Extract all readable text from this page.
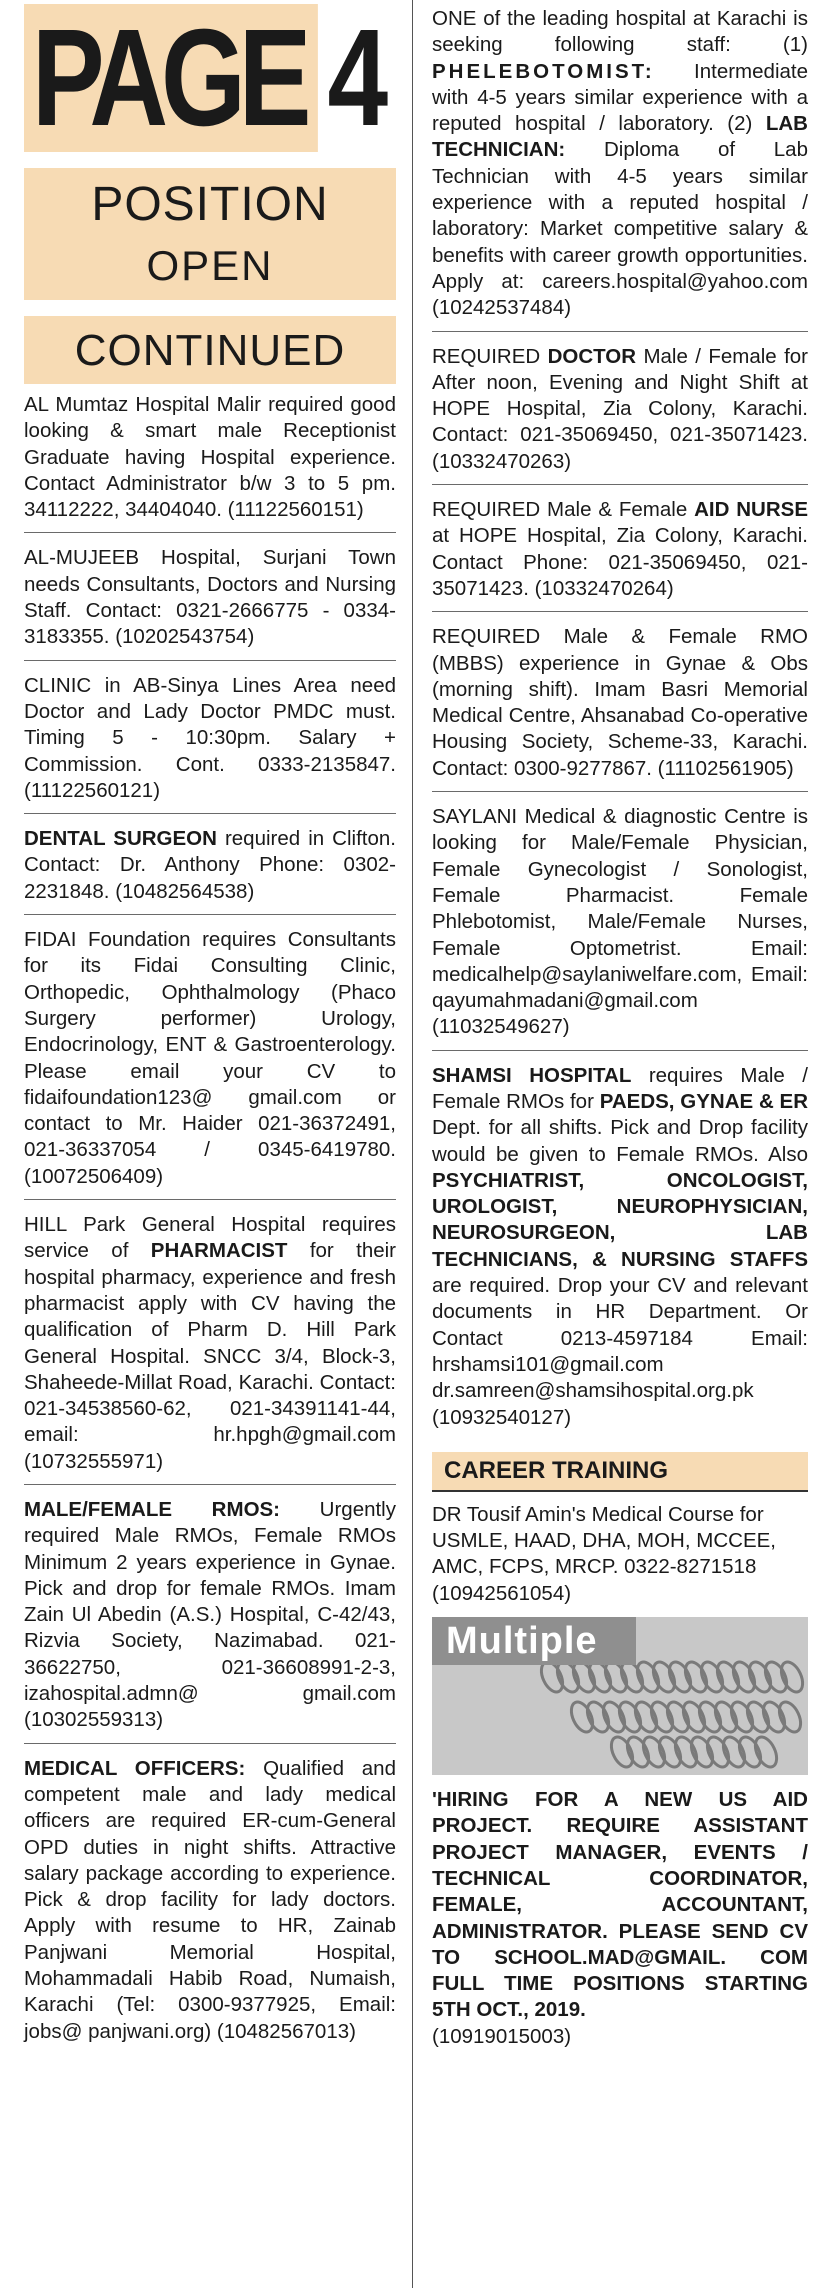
PAGE 4
POSITION
OPEN
CONTINUED
AL Mumtaz Hospital Malir required good looking & smart male Receptionist Graduate having Hospital experience. Contact Administrator b/w 3 to 5 pm. 34112222, 34404040. (11122560151)
AL-MUJEEB Hospital, Surjani Town needs Consultants, Doctors and Nursing Staff. Contact: 0321-2666775 - 0334-3183355. (10202543754)
CLINIC in AB-Sinya Lines Area need Doctor and Lady Doctor PMDC must. Timing 5 - 10:30pm. Salary + Commission. Cont. 0333-2135847. (11122560121)
DENTAL SURGEON required in Clifton. Contact: Dr. Anthony Phone: 0302-2231848. (10482564538)
FIDAI Foundation requires Consultants for its Fidai Consulting Clinic, Orthopedic, Ophthalmology (Phaco Surgery performer) Urology, Endocrinology, ENT & Gastroenterology. Please email your CV to fidaifoundation123@ gmail.com or contact to Mr. Haider 021-36372491, 021-36337054 / 0345-6419780. (10072506409)
HILL Park General Hospital requires service of PHARMACIST for their hospital pharmacy, experience and fresh pharmacist apply with CV having the qualification of Pharm D. Hill Park General Hospital. SNCC 3/4, Block-3, Shaheede-Millat Road, Karachi. Contact: 021-34538560-62, 021-34391141-44, email: hr.hpgh@gmail.com (10732555971)
MALE/FEMALE RMOS: Urgently required Male RMOs, Female RMOs Minimum 2 years experience in Gynae. Pick and drop for female RMOs. Imam Zain Ul Abedin (A.S.) Hospital, C-42/43, Rizvia Society, Nazimabad. 021-36622750, 021-36608991-2-3, izahospital.admn@ gmail.com (10302559313)
MEDICAL OFFICERS: Qualified and competent male and lady medical officers are required ER-cum-General OPD duties in night shifts. Attractive salary package according to experience. Pick & drop facility for lady doctors. Apply with resume to HR, Zainab Panjwani Memorial Hospital, Mohammadali Habib Road, Numaish, Karachi (Tel: 0300-9377925, Email: jobs@ panjwani.org) (10482567013)
ONE of the leading hospital at Karachi is seeking following staff: (1) PHELEBOTOMIST: Intermediate with 4-5 years similar experience with a reputed hospital / laboratory. (2) LAB TECHNICIAN: Diploma of Lab Technician with 4-5 years similar experience with a reputed hospital / laboratory: Market competitive salary & benefits with career growth opportunities. Apply at: careers.hospital@yahoo.com (10242537484)
REQUIRED DOCTOR Male / Female for After noon, Evening and Night Shift at HOPE Hospital, Zia Colony, Karachi. Contact: 021-35069450, 021-35071423. (10332470263)
REQUIRED Male & Female AID NURSE at HOPE Hospital, Zia Colony, Karachi. Contact Phone: 021-35069450, 021-35071423. (10332470264)
REQUIRED Male & Female RMO (MBBS) experience in Gynae & Obs (morning shift). Imam Basri Memorial Medical Centre, Ahsanabad Co-operative Housing Society, Scheme-33, Karachi. Contact: 0300-9277867. (11102561905)
SAYLANI Medical & diagnostic Centre is looking for Male/Female Physician, Female Gynecologist / Sonologist, Female Pharmacist. Female Phlebotomist, Male/Female Nurses, Female Optometrist. Email: medicalhelp@saylaniwelfare.com, Email: qayumahmadani@gmail.com (11032549627)
SHAMSI HOSPITAL requires Male / Female RMOs for PAEDS, GYNAE & ER Dept. for all shifts. Pick and Drop facility would be given to Female RMOs. Also PSYCHIATRIST, ONCOLOGIST, UROLOGIST, NEUROPHYSICIAN, NEUROSURGEON, LAB TECHNICIANS, & NURSING STAFFS are required. Drop your CV and relevant documents in HR Department. Or Contact 0213-4597184 Email: hrshamsi101@gmail.com dr.samreen@shamsihospital.org.pk (10932540127)
CAREER TRAINING
DR Tousif Amin's Medical Course for USMLE, HAAD, DHA, MOH, MCCEE, AMC, FCPS, MRCP. 0322-8271518 (10942561054)
Multiple
'HIRING FOR A NEW US AID PROJECT. REQUIRE ASSISTANT PROJECT MANAGER, EVENTS / TECHNICAL COORDINATOR, FEMALE, ACCOUNTANT, ADMINISTRATOR. PLEASE SEND CV TO SCHOOL.MAD@GMAIL. COM FULL TIME POSITIONS STARTING 5TH OCT., 2019.
(10919015003)
